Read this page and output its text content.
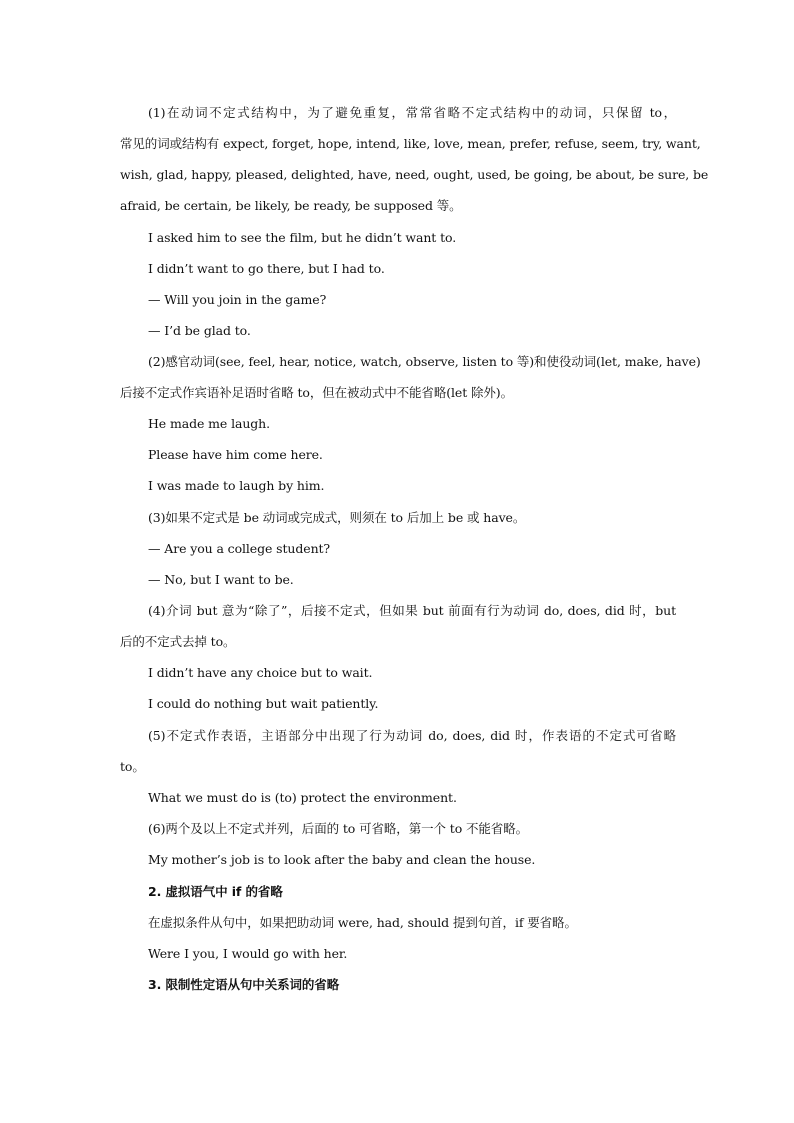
(1)在动词不定式结构中，为了避免重复，常常省略不定式结构中的动词，只保留 to，
常见的词或结构有 expect, forget, hope, intend, like, love, mean, prefer, refuse, seem, try, want,
wish, glad, happy, pleased, delighted, have, need, ought, used, be going, be about, be sure, be
afraid, be certain, be likely, be ready, be supposed 等。
I asked him to see the film, but he didn’t want to.
I didn’t want to go there, but I had to.
— Will you join in the game?
— I’d be glad to.
(2)感官动词(see, feel, hear, notice, watch, observe, listen to 等)和使役动词(let, make, have)
后接不定式作宾语补足语时省略 to，但在被动式中不能省略(let 除外)。
He made me laugh.
Please have him come here.
I was made to laugh by him.
(3)如果不定式是 be 动词或完成式，则须在 to 后加上 be 或 have。
— Are you a college student?
— No, but I want to be.
(4)介词 but 意为“除了”，后接不定式，但如果 but 前面有行为动词 do, does, did 时，but
后的不定式去掉 to。
I didn’t have any choice but to wait.
I could do nothing but wait patiently.
(5)不定式作表语，主语部分中出现了行为动词 do, does, did 时，作表语的不定式可省略
to。
What we must do is (to) protect the environment.
(6)两个及以上不定式并列，后面的 to 可省略，第一个 to 不能省略。
My mother’s job is to look after the baby and clean the house.
2. 虚拟语气中 if 的省略
在虚拟条件从句中，如果把助动词 were, had, should 提到句首，if 要省略。
Were I you, I would go with her.
3. 限制性定语从句中关系词的省略
